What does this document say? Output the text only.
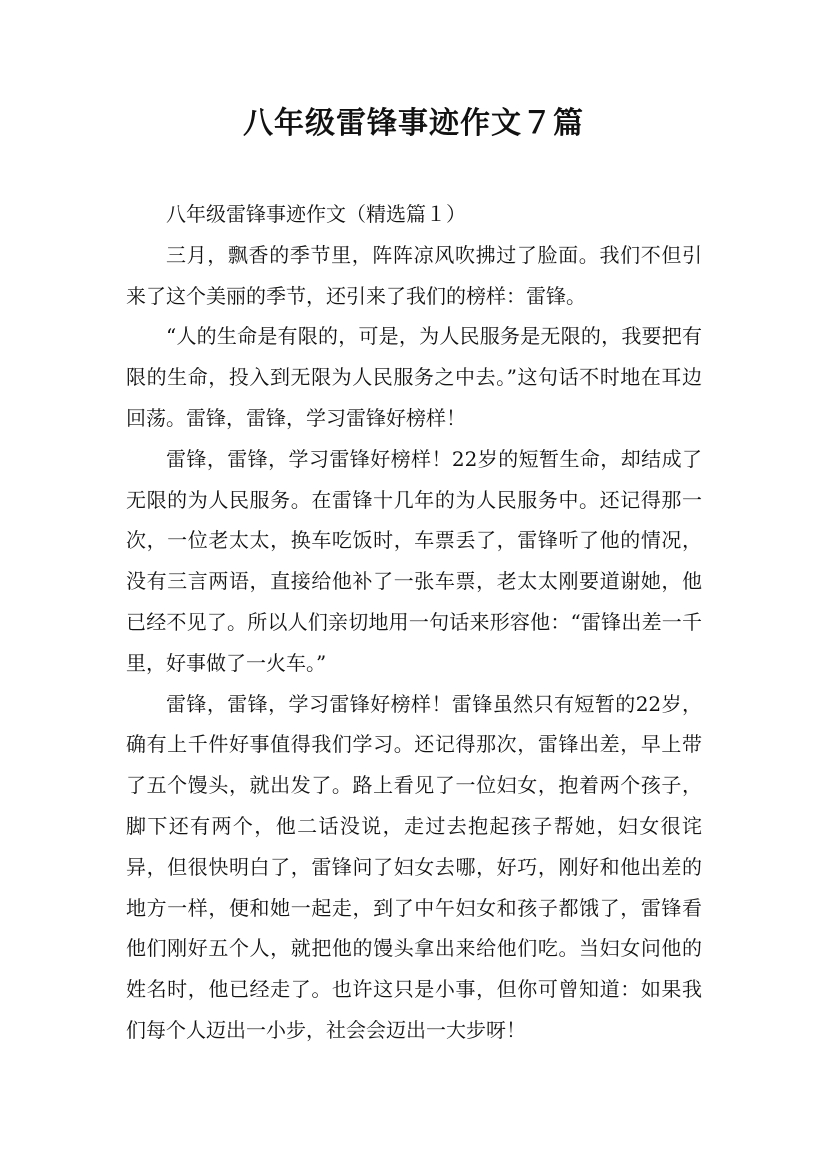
八年级雷锋事迹作文７篇

八年级雷锋事迹作文（精选篇１）

三月，飘香的季节里，阵阵凉风吹拂过了脸面。我们不但引来了这个美丽的季节，还引来了我们的榜样：雷锋。

“人的生命是有限的，可是，为人民服务是无限的，我要把有限的生命，投入到无限为人民服务之中去。”这句话不时地在耳边回荡。雷锋，雷锋，学习雷锋好榜样！

雷锋，雷锋，学习雷锋好榜样！22岁的短暂生命，却结成了无限的为人民服务。在雷锋十几年的为人民服务中。还记得那一次，一位老太太，换车吃饭时，车票丢了，雷锋听了他的情况，没有三言两语，直接给他补了一张车票，老太太刚要道谢她，他已经不见了。所以人们亲切地用一句话来形容他：“雷锋出差一千里，好事做了一火车。”

雷锋，雷锋，学习雷锋好榜样！雷锋虽然只有短暂的22岁，确有上千件好事值得我们学习。还记得那次，雷锋出差，早上带了五个馒头，就出发了。路上看见了一位妇女，抱着两个孩子，脚下还有两个，他二话没说，走过去抱起孩子帮她，妇女很诧异，但很快明白了，雷锋问了妇女去哪，好巧，刚好和他出差的地方一样，便和她一起走，到了中午妇女和孩子都饿了，雷锋看他们刚好五个人，就把他的馒头拿出来给他们吃。当妇女问他的姓名时，他已经走了。也许这只是小事，但你可曾知道：如果我们每个人迈出一小步，社会会迈出一大步呀！
